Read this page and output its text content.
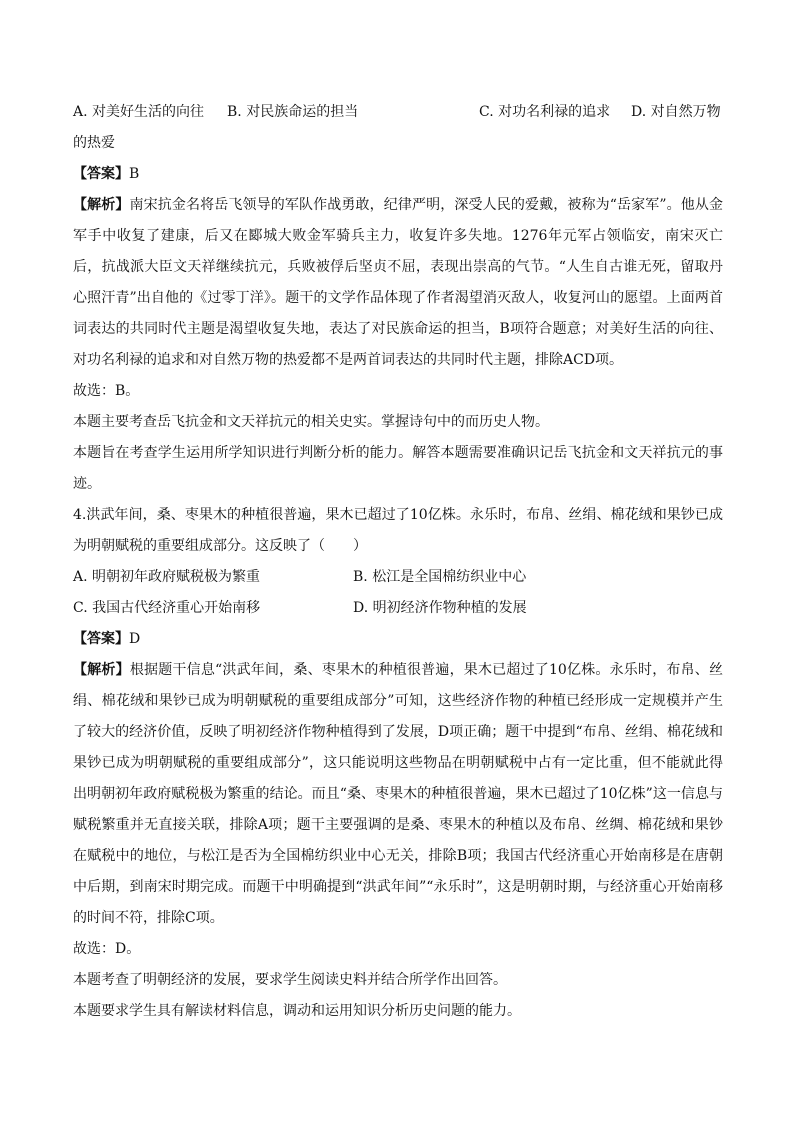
A. 对美好生活的向往 B. 对民族命运的担当	C. 对功名利禄的追求 D. 对自然万物
的热爱
【答案】B

【解析】南宋抗金名将岳飞领导的军队作战勇敢，纪律严明，深受人民的爱戴，被称为“岳家军”。他从金军手中收复了建康，后又在郾城大败金军骑兵主力，收复许多失地。1276年元军占领临安，南宋灭亡后，抗战派大臣文天祥继续抗元，兵败被俘后坚贞不屈，表现出崇高的气节。“人生自古谁无死，留取丹心照汗青”出自他的《过零丁洋》。题干的文学作品体现了作者渴望消灭敌人，收复河山的愿望。上面两首词表达的共同时代主题是渴望收复失地，表达了对民族命运的担当，B项符合题意；对美好生活的向往、对功名利禄的追求和对自然万物的热爱都不是两首词表达的共同时代主题，排除ACD项。

故选：B。
本题主要考查岳飞抗金和文天祥抗元的相关史实。掌握诗句中的而历史人物。

本题旨在考查学生运用所学知识进行判断分析的能力。解答本题需要准确识记岳飞抗金和文天祥抗元的事迹。

4.洪武年间，桑、枣果木的种植很普遍，果木已超过了10亿株。永乐时，布帛、丝绢、棉花绒和果钞已成为明朝赋税的重要组成部分。这反映了（　　）

A. 明朝初年政府赋税极为繁重	B. 松江是全国棉纺织业中心
C. 我国古代经济重心开始南移	D. 明初经济作物种植的发展
【答案】D

【解析】根据题干信息“洪武年间，桑、枣果木的种植很普遍，果木已超过了10亿株。永乐时，布帛、丝绢、棉花绒和果钞已成为明朝赋税的重要组成部分”可知，这些经济作物的种植已经形成一定规模并产生了较大的经济价值，反映了明初经济作物种植得到了发展，D项正确；题干中提到“布帛、丝绢、棉花绒和果钞已成为明朝赋税的重要组成部分”，这只能说明这些物品在明朝赋税中占有一定比重，但不能就此得出明朝初年政府赋税极为繁重的结论。而且“桑、枣果木的种植很普遍，果木已超过了10亿株”这一信息与赋税繁重并无直接关联，排除A项；题干主要强调的是桑、枣果木的种植以及布帛、丝绸、棉花绒和果钞在赋税中的地位，与松江是否为全国棉纺织业中心无关，排除B项；我国古代经济重心开始南移是在唐朝中后期，到南宋时期完成。而题干中明确提到“洪武年间”“永乐时”，这是明朝时期，与经济重心开始南移的时间不符，排除C项。

故选：D。
本题考查了明朝经济的发展，要求学生阅读史料并结合所学作出回答。
本题要求学生具有解读材料信息，调动和运用知识分析历史问题的能力。
